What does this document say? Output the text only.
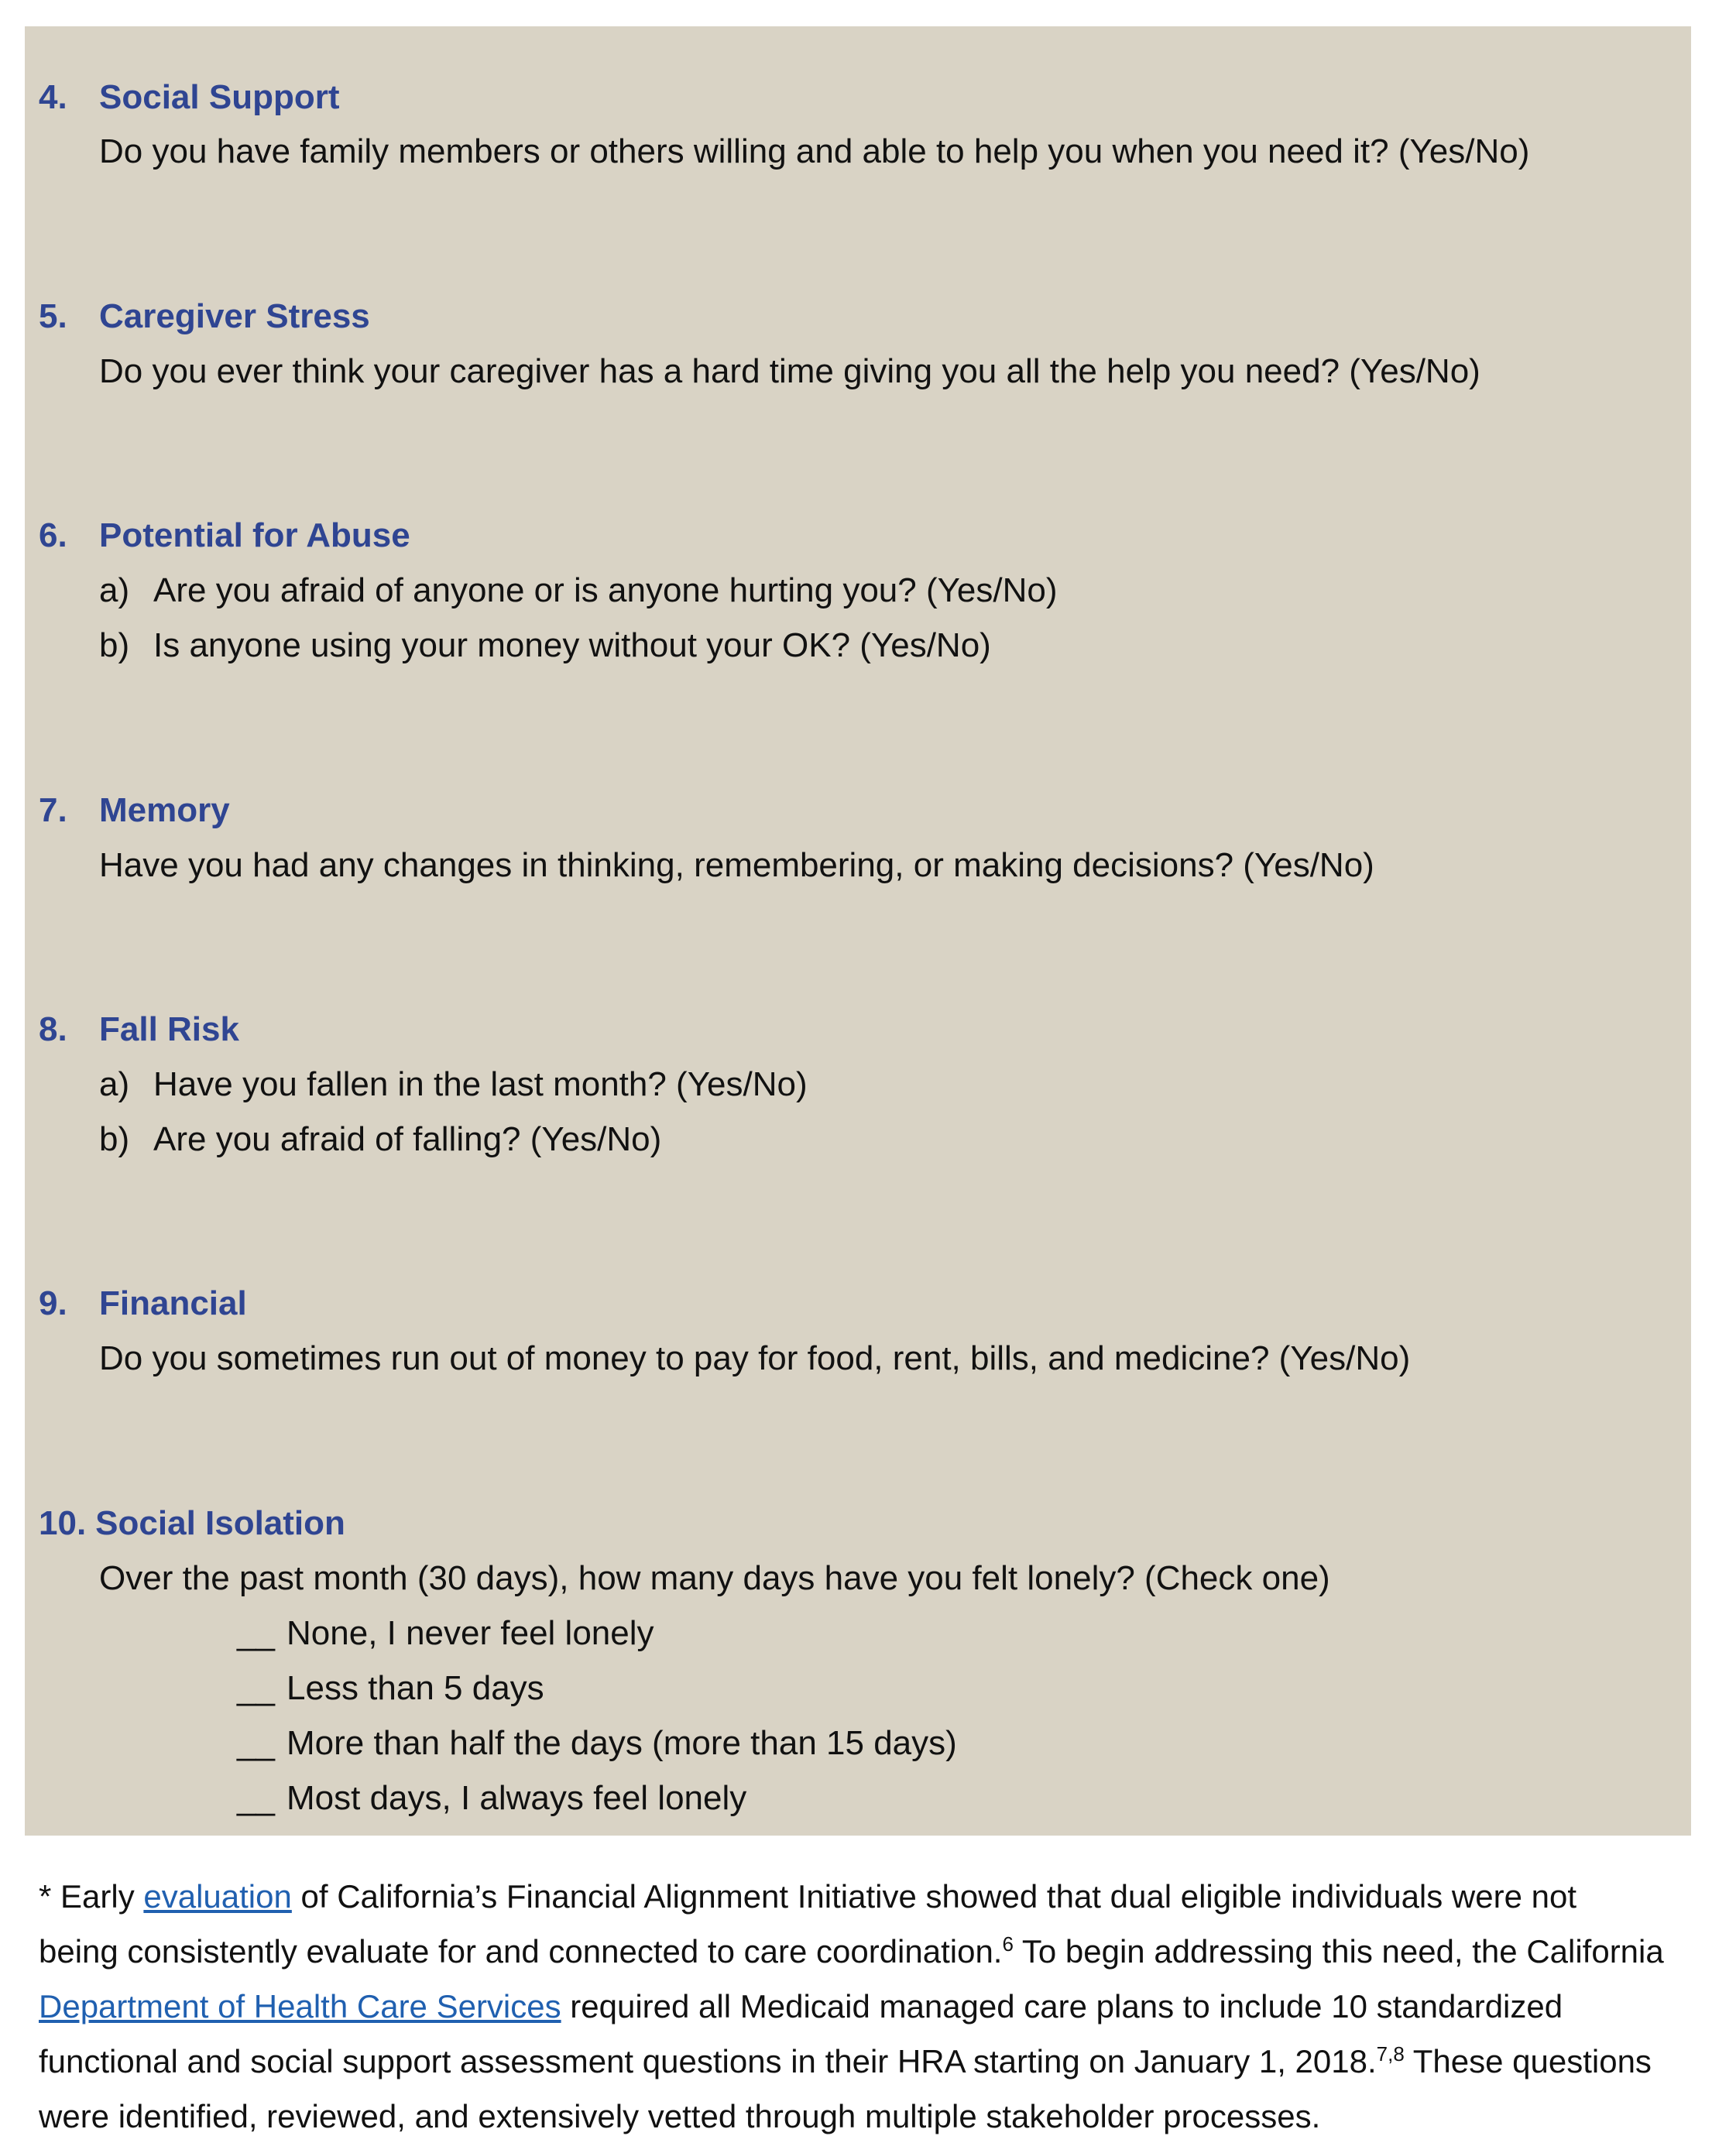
4. Social Support
Do you have family members or others willing and able to help you when you need it? (Yes/No)
5. Caregiver Stress
Do you ever think your caregiver has a hard time giving you all the help you need? (Yes/No)
6. Potential for Abuse
a) Are you afraid of anyone or is anyone hurting you? (Yes/No)
b) Is anyone using your money without your OK? (Yes/No)
7. Memory
Have you had any changes in thinking, remembering, or making decisions? (Yes/No)
8. Fall Risk
a) Have you fallen in the last month? (Yes/No)
b) Are you afraid of falling? (Yes/No)
9. Financial
Do you sometimes run out of money to pay for food, rent, bills, and medicine? (Yes/No)
10. Social Isolation
Over the past month (30 days), how many days have you felt lonely? (Check one)
__ None, I never feel lonely
__ Less than 5 days
__ More than half the days (more than 15 days)
__ Most days, I always feel lonely
* Early evaluation of California’s Financial Alignment Initiative showed that dual eligible individuals were not
being consistently evaluate for and connected to care coordination.$^6$ To begin addressing this need, the California
Department of Health Care Services required all Medicaid managed care plans to include 10 standardized
functional and social support assessment questions in their HRA starting on January 1, 2018.$^{7,8}$ These questions
were identified, reviewed, and extensively vetted through multiple stakeholder processes.
